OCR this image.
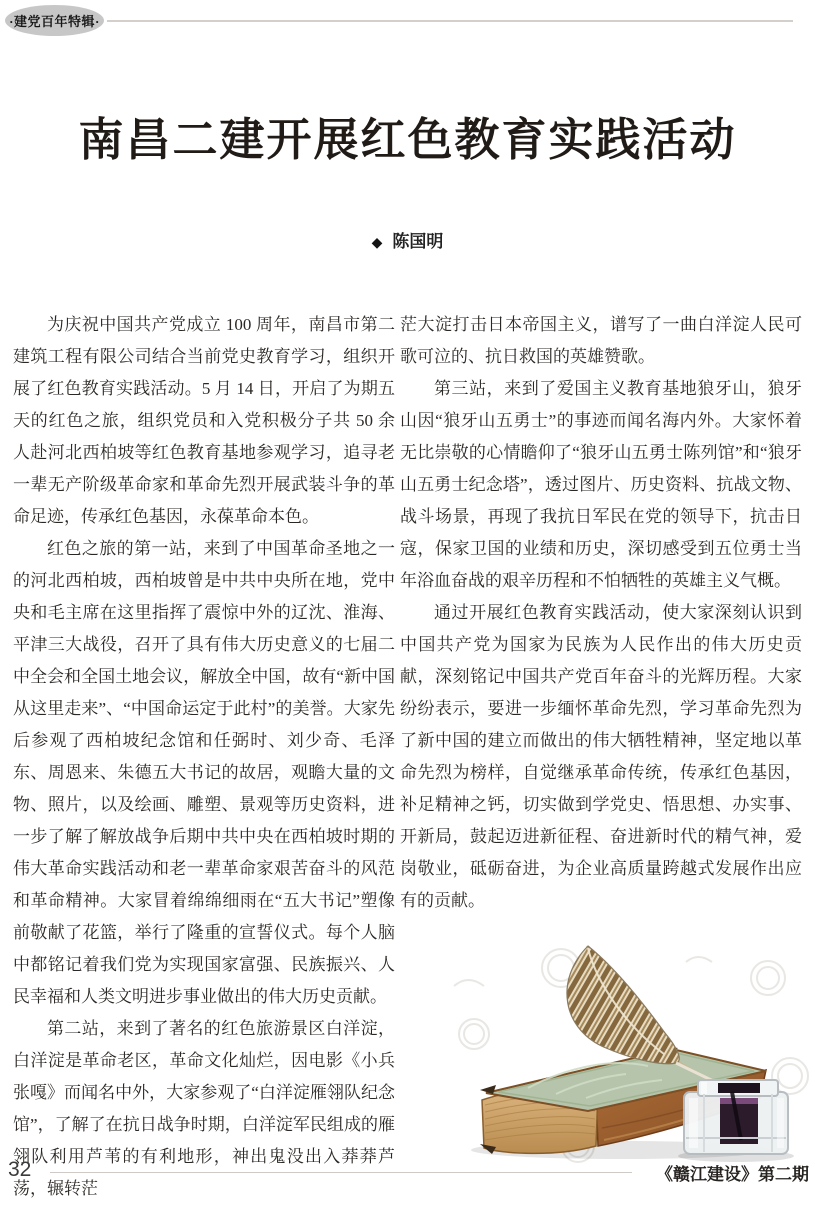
·建党百年特辑·
南昌二建开展红色教育实践活动
◆ 陈国明

为庆祝中国共产党成立 100 周年，南昌市第二建筑工程有限公司结合当前党史教育学习，组织开展了红色教育实践活动。5 月 14 日，开启了为期五天的红色之旅，组织党员和入党积极分子共 50 余人赴河北西柏坡等红色教育基地参观学习，追寻老一辈无产阶级革命家和革命先烈开展武装斗争的革命足迹，传承红色基因，永葆革命本色。

红色之旅的第一站，来到了中国革命圣地之一的河北西柏坡，西柏坡曾是中共中央所在地，党中央和毛主席在这里指挥了震惊中外的辽沈、淮海、平津三大战役，召开了具有伟大历史意义的七届二中全会和全国土地会议，解放全中国，故有“新中国从这里走来”、“中国命运定于此村”的美誉。大家先后参观了西柏坡纪念馆和任弼时、刘少奇、毛泽东、周恩来、朱德五大书记的故居，观瞻大量的文物、照片，以及绘画、雕塑、景观等历史资料，进一步了解了解放战争后期中共中央在西柏坡时期的伟大革命实践活动和老一辈革命家艰苦奋斗的风范和革命精神。大家冒着绵绵细雨在“五大书记”塑像前敬献了花篮，举行了隆重的宣誓仪式。每个人脑中都铭记着我们党为实现国家富强、民族振兴、人民幸福和人类文明进步事业做出的伟大历史贡献。

第二站，来到了著名的红色旅游景区白洋淀，白洋淀是革命老区，革命文化灿烂，因电影《小兵张嘎》而闻名中外，大家参观了“白洋淀雁翎队纪念馆”，了解了在抗日战争时期，白洋淀军民组成的雁翎队利用芦苇的有利地形，神出鬼没出入莽莽芦荡，辗转茫

茫大淀打击日本帝国主义，谱写了一曲白洋淀人民可歌可泣的、抗日救国的英雄赞歌。

第三站，来到了爱国主义教育基地狼牙山，狼牙山因“狼牙山五勇士”的事迹而闻名海内外。大家怀着无比崇敬的心情瞻仰了“狼牙山五勇士陈列馆”和“狼牙山五勇士纪念塔”，透过图片、历史资料、抗战文物、战斗场景，再现了我抗日军民在党的领导下，抗击日寇，保家卫国的业绩和历史，深切感受到五位勇士当年浴血奋战的艰辛历程和不怕牺牲的英雄主义气概。

通过开展红色教育实践活动，使大家深刻认识到中国共产党为国家为民族为人民作出的伟大历史贡献，深刻铭记中国共产党百年奋斗的光辉历程。大家纷纷表示，要进一步缅怀革命先烈，学习革命先烈为了新中国的建立而做出的伟大牺牲精神，坚定地以革命先烈为榜样，自觉继承革命传统，传承红色基因，补足精神之钙，切实做到学党史、悟思想、办实事、开新局，鼓起迈进新征程、奋进新时代的精气神，爱岗敬业，砥砺奋进，为企业高质量跨越式发展作出应有的贡献。

32	《赣江建设》第二期
